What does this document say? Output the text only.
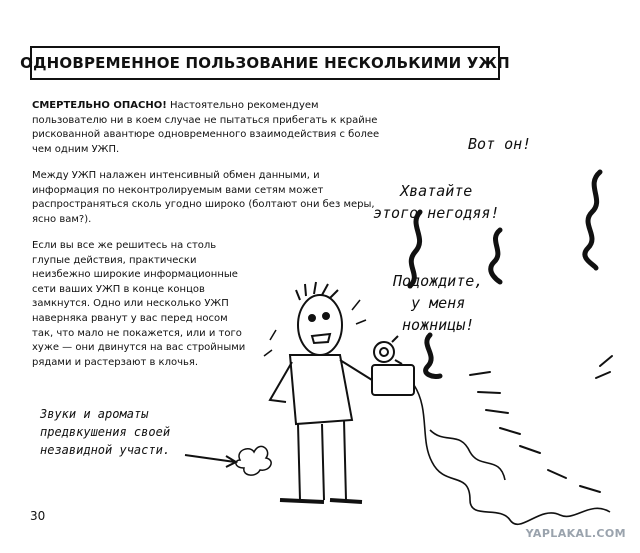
ОДНОВРЕМЕННОЕ ПОЛЬЗОВАНИЕ НЕСКОЛЬКИМИ УЖП

СМЕРТЕЛЬНО ОПАСНО! Настоятельно рекомендуем пользователю ни в коем случае не пытаться прибегать к крайне рискованной авантюре одновременного взаимодействия с более чем одним УЖП.

Между УЖП налажен интенсивный обмен данными, и информация по неконтролируемым вами сетям может распространяться сколь угодно широко (болтают они без меры, ясно вам?).

Если вы все же решитесь на столь глупые действия, практически неизбежно широкие информационные сети ваших УЖП в конце концов замкнутся. Одно или несколько УЖП наверняка рванут у вас перед носом так, что мало не покажется, или и того хуже — они двинутся на вас стройными рядами и растерзают в клочья.

Вот он!
Хватайте
этого негодяя!
Подождите,
у меня
ножницы!
Звуки и ароматы
предвкушения своей
незавидной участи.
30
YAPLAKAL.COM
